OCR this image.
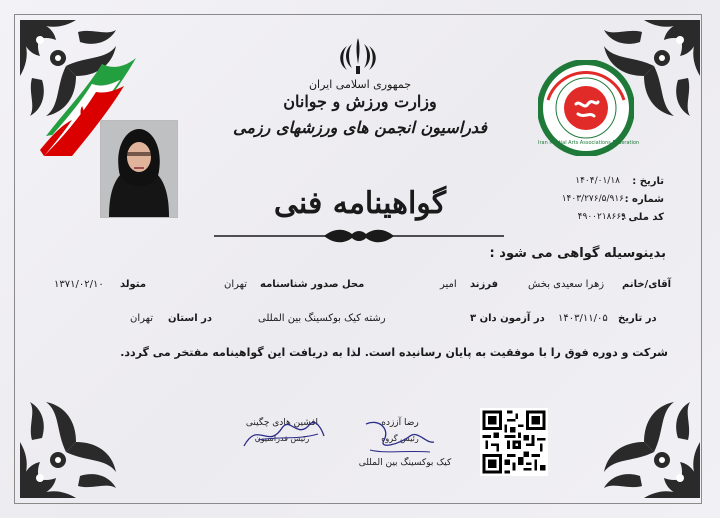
جمهوری اسلامی ایران
وزارت ورزش و جوانان
فدراسیون انجمن های ورزشهای رزمی
Iran Martial Arts Associations Federation
تاریخ :
۱۴۰۴/۰۱/۱۸
شماره :
۱۴۰۳/۲۷۶/۵/۹۱۶
کد ملی :
۴۹۰۰۲۱۸۶۶۹
گواهینامه فنی
بدینوسیله گواهی می شود :
آقای/خانم
زهرا سعیدی بخش
فرزند
امیر
محل صدور شناسنامه
تهران
متولد
۱۳۷۱/۰۲/۱۰
در تاریخ
۱۴۰۳/۱۱/۰۵
در آزمون دان ۳
رشته کیک بوکسینگ بین المللی
در استان
تهران
شرکت و دوره فوق را با موفقیت به پایان رسانیده است. لذا به دریافت این گواهینامه مفتخر می گردد.
افشین هادی چگینی
رئیس فدراسیون
رضا آززده
رئیس گروه
کیک بوکسینگ بین المللی
